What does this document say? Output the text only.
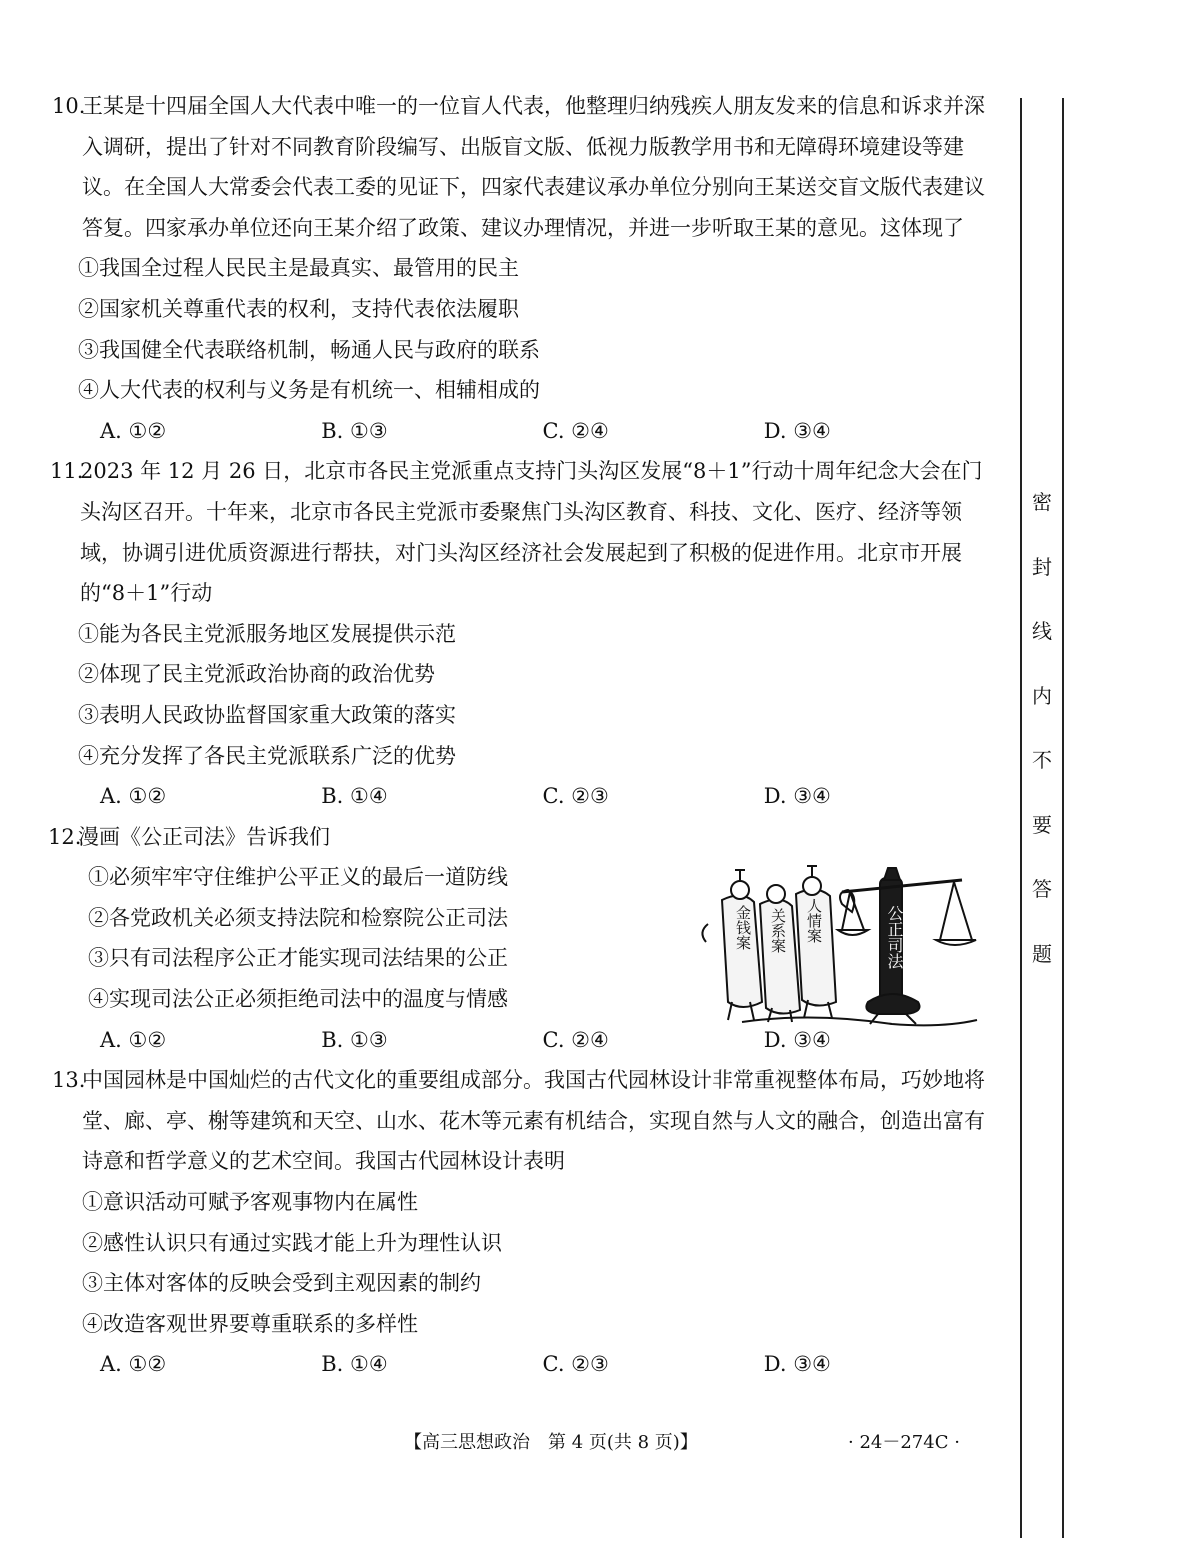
10.王某是十四届全国人大代表中唯一的一位盲人代表，他整理归纳残疾人朋友发来的信息和诉求并深入调研，提出了针对不同教育阶段编写、出版盲文版、低视力版教学用书和无障碍环境建设等建议。在全国人大常委会代表工委的见证下，四家代表建议承办单位分别向王某送交盲文版代表建议答复。四家承办单位还向王某介绍了政策、建议办理情况，并进一步听取王某的意见。这体现了

①我国全过程人民民主是最真实、最管用的民主

②国家机关尊重代表的权利，支持代表依法履职

③我国健全代表联络机制，畅通人民与政府的联系

④人大代表的权利与义务是有机统一、相辅相成的

A. ①②	B. ①③	C. ②④	D. ③④

11.2023 年 12 月 26 日，北京市各民主党派重点支持门头沟区发展“8＋1”行动十周年纪念大会在门头沟区召开。十年来，北京市各民主党派市委聚焦门头沟区教育、科技、文化、医疗、经济等领域，协调引进优质资源进行帮扶，对门头沟区经济社会发展起到了积极的促进作用。北京市开展的“8＋1”行动

①能为各民主党派服务地区发展提供示范

②体现了民主党派政治协商的政治优势

③表明人民政协监督国家重大政策的落实

④充分发挥了各民主党派联系广泛的优势

A. ①②	B. ①④	C. ②③	D. ③④

12.漫画《公正司法》告诉我们

①必须牢牢守住维护公平正义的最后一道防线

②各党政机关必须支持法院和检察院公正司法

③只有司法程序公正才能实现司法结果的公正

④实现司法公正必须拒绝司法中的温度与情感

A. ①②	B. ①③	C. ②④	D. ③④

13.中国园林是中国灿烂的古代文化的重要组成部分。我国古代园林设计非常重视整体布局，巧妙地将堂、廊、亭、榭等建筑和天空、山水、花木等元素有机结合，实现自然与人文的融合，创造出富有诗意和哲学意义的艺术空间。我国古代园林设计表明

①意识活动可赋予客观事物内在属性

②感性认识只有通过实践才能上升为理性认识

③主体对客体的反映会受到主观因素的制约

④改造客观世界要尊重联系的多样性

A. ①②	B. ①④	C. ②③	D. ③④
金钱案 关系案 人情案	公正司法
密
封
线
内
不
要
答
题
【高三思想政治　第 4 页(共 8 页)】	· 24－274C ·
